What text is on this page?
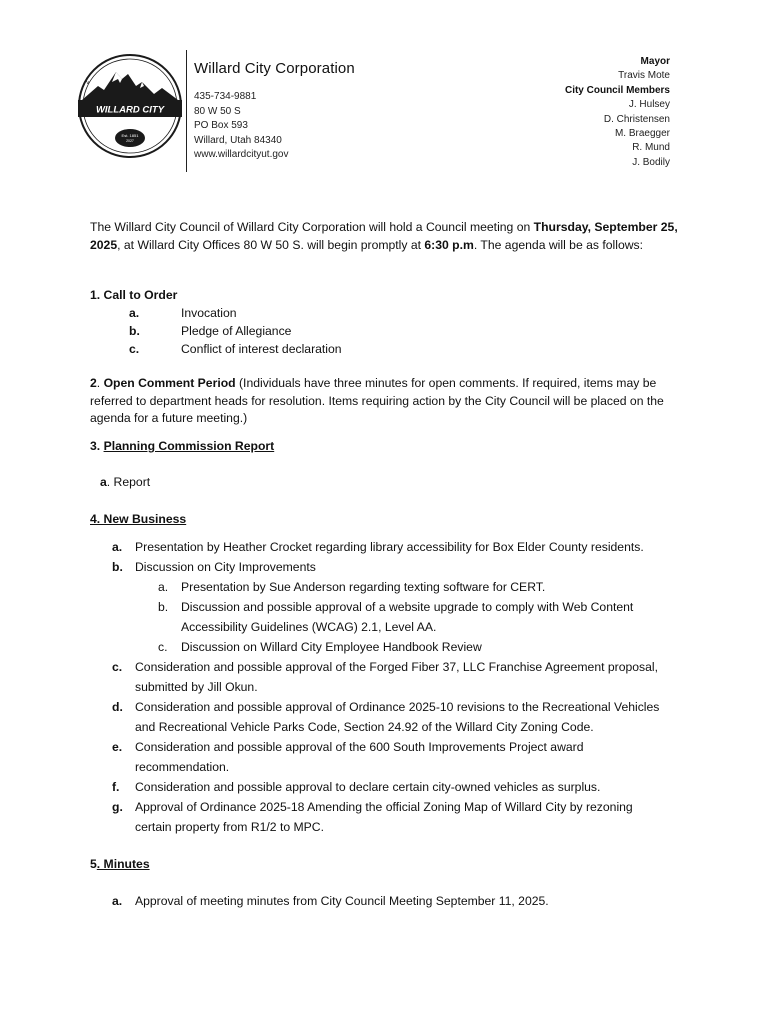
˅
WILLARD CITY
Est. 1851
2027
Willard City Corporation
435-734-9881
80 W 50 S
PO Box 593
Willard, Utah 84340
www.willardcityut.gov
Mayor
Travis Mote
City Council Members
J. Hulsey
D. Christensen
M. Braegger
R. Mund
J. Bodily
The Willard City Council of Willard City Corporation will hold a Council meeting on Thursday, September 25, 2025, at Willard City Offices 80 W 50 S. will begin promptly at 6:30 p.m. The agenda will be as follows:
1. Call to Order
a.	Invocation
b.	Pledge of Allegiance
c.	Conflict of interest declaration
2. Open Comment Period (Individuals have three minutes for open comments. If required, items may be referred to department heads for resolution. Items requiring action by the City Council will be placed on the agenda for a future meeting.)
3. Planning Commission Report
a. Report
4. New Business
a. Presentation by Heather Crocket regarding library accessibility for Box Elder County residents.
b. Discussion on City Improvements
a. Presentation by Sue Anderson regarding texting software for CERT.
b. Discussion and possible approval of a website upgrade to comply with Web Content
Accessibility Guidelines (WCAG) 2.1, Level AA.
c. Discussion on Willard City Employee Handbook Review
c. Consideration and possible approval of the Forged Fiber 37, LLC Franchise Agreement proposal,
submitted by Jill Okun.
d. Consideration and possible approval of Ordinance 2025-10 revisions to the Recreational Vehicles
and Recreational Vehicle Parks Code, Section 24.92 of the Willard City Zoning Code.
e. Consideration and possible approval of the 600 South Improvements Project award
recommendation.
f. Consideration and possible approval to declare certain city-owned vehicles as surplus.
g. Approval of Ordinance 2025-18 Amending the official Zoning Map of Willard City by rezoning
certain property from R1/2 to MPC.
5. Minutes
a. Approval of meeting minutes from City Council Meeting September 11, 2025.
